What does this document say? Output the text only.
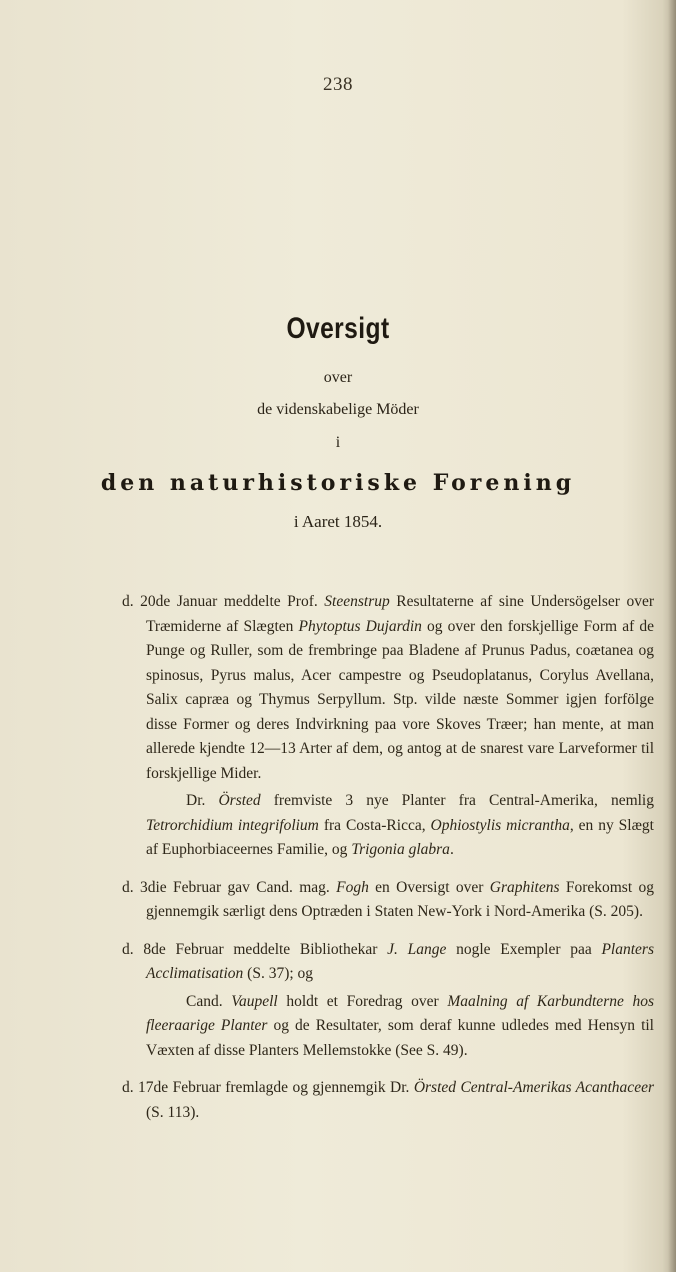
238
Oversigt
over
de videnskabelige Möder
i
den naturhistoriske Forening
i Aaret 1854.

d. 20de Januar meddelte Prof. Steenstrup Resultaterne af sine Undersögelser over Træmiderne af Slægten Phytoptus Dujardin og over den forskjellige Form af de Punge og Ruller, som de frembringe paa Bladene af Prunus Padus, coætanea og spinosus, Pyrus malus, Acer campestre og Pseudoplatanus, Corylus Avellana, Salix capræa og Thymus Serpyllum. Stp. vilde næste Sommer igjen forfölge disse Former og deres Indvirkning paa vore Skoves Træer; han mente, at man allerede kjendte 12—13 Arter af dem, og antog at de snarest vare Larveformer til forskjellige Mider.

Dr. Örsted fremviste 3 nye Planter fra Central-Amerika, nemlig Tetrorchidium integrifolium fra Costa-Ricca, Ophiostylis micrantha, en ny Slægt af Euphorbiaceernes Familie, og Trigonia glabra.

d. 3die Februar gav Cand. mag. Fogh en Oversigt over Graphitens Forekomst og gjennemgik særligt dens Optræden i Staten New-York i Nord-Amerika (S. 205).

d. 8de Februar meddelte Bibliothekar J. Lange nogle Exempler paa Planters Acclimatisation (S. 37); og

Cand. Vaupell holdt et Foredrag over Maalning af Karbundterne hos fleeraarige Planter og de Resultater, som deraf kunne udledes med Hensyn til Væxten af disse Planters Mellemstokke (See S. 49).

d. 17de Februar fremlagde og gjennemgik Dr. Örsted Central-Amerikas Acanthaceer (S. 113).
